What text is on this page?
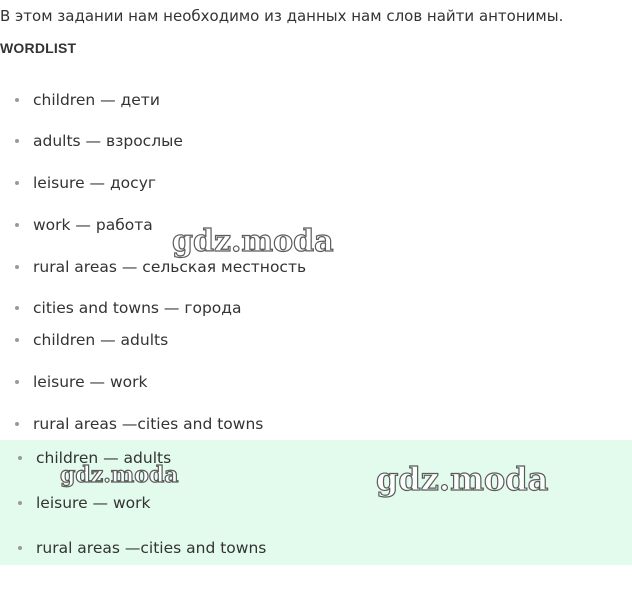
В этом задании нам необходимо из данных нам слов найти антонимы.
WORDLIST
children — дети
adults — взрослые
leisure — досуг
work — работа
rural areas — сельская местность
cities and towns — города
children — adults
leisure — work
rural areas —cities and towns
children — adults
leisure — work
rural areas —cities and towns
gdz.moda
gdz.moda	gdz.moda
